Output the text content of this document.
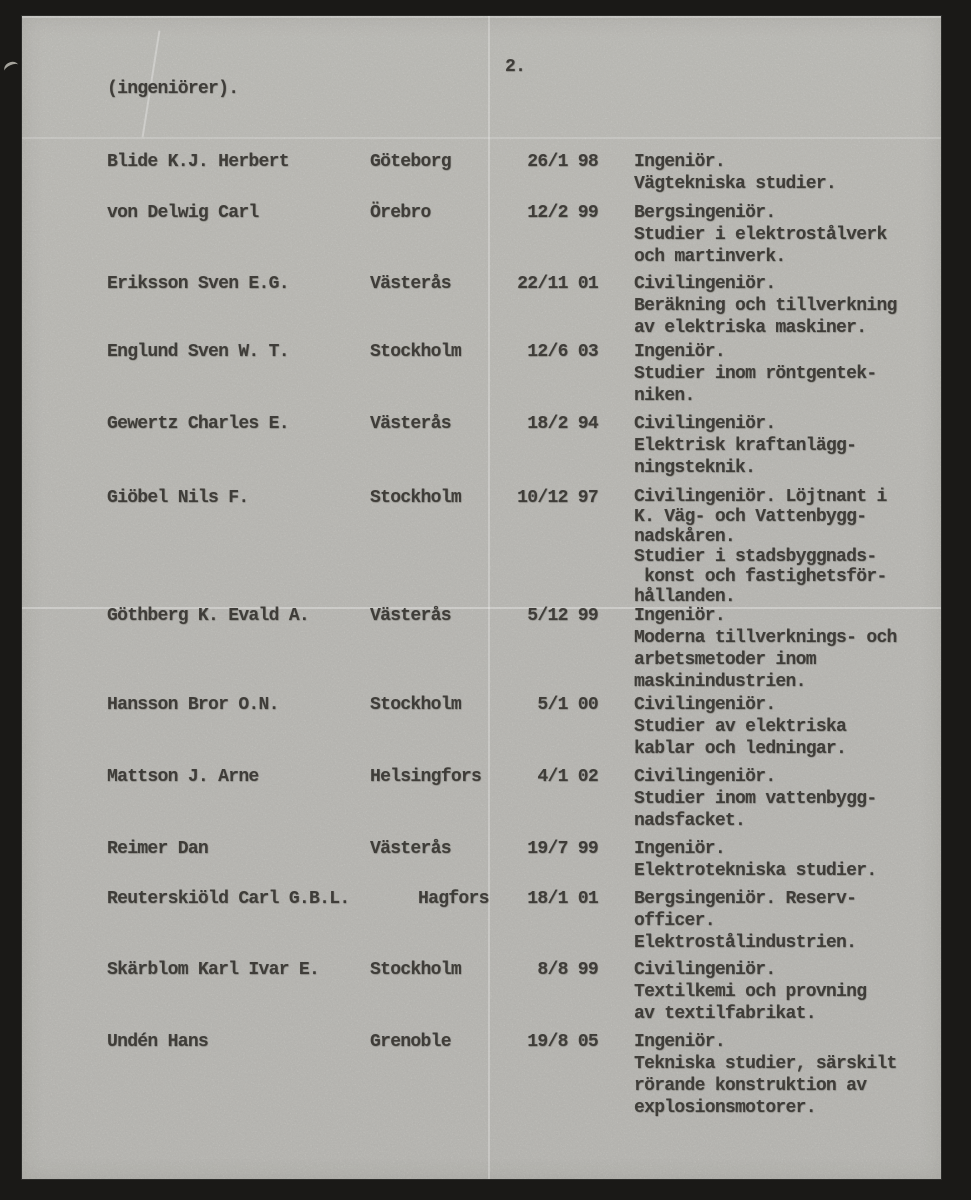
2.
(ingeniörer).
Blide K.J. Herbert	Göteborg	26/1 98 Ingeniör.
Vägtekniska studier.
von Delwig Carl	Örebro	12/2 99 Bergsingeniör.
Studier i elektrostålverk
och martinverk.
Eriksson Sven E.G.	Västerås	22/11 01 Civilingeniör.
Beräkning och tillverkning
av elektriska maskiner.
Englund Sven W. T.	Stockholm	12/6 03 Ingeniör.
Studier inom röntgentek-
niken.
Gewertz Charles E.	Västerås	18/2 94 Civilingeniör.
Elektrisk kraftanlägg-
ningsteknik.
Giöbel Nils F.	Stockholm	10/12 97 Civilingeniör. Löjtnant i
K. Väg- och Vattenbygg-
nadskåren.
Studier i stadsbyggnads-
konst och fastighetsför-
hållanden.
Göthberg K. Evald A.	Västerås	5/12 99 Ingeniör.
Moderna tillverknings- och
arbetsmetoder inom
maskinindustrien.
Hansson Bror O.N.	Stockholm	5/1 00 Civilingeniör.
Studier av elektriska
kablar och ledningar.
Mattson J. Arne	Helsingfors	4/1 02 Civilingeniör.
Studier inom vattenbygg-
nadsfacket.
Reimer Dan	Västerås	19/7 99 Ingeniör.
Elektrotekniska studier.
Reuterskiöld Carl G.B.L.	Hagfors	18/1 01 Bergsingeniör. Reserv-
officer.
Elektrostålindustrien.
Skärblom Karl Ivar E.	Stockholm	8/8 99 Civilingeniör.
Textilkemi och provning
av textilfabrikat.
Undén Hans	Grenoble	19/8 05 Ingeniör.
Tekniska studier, särskilt
rörande konstruktion av
explosionsmotorer.
